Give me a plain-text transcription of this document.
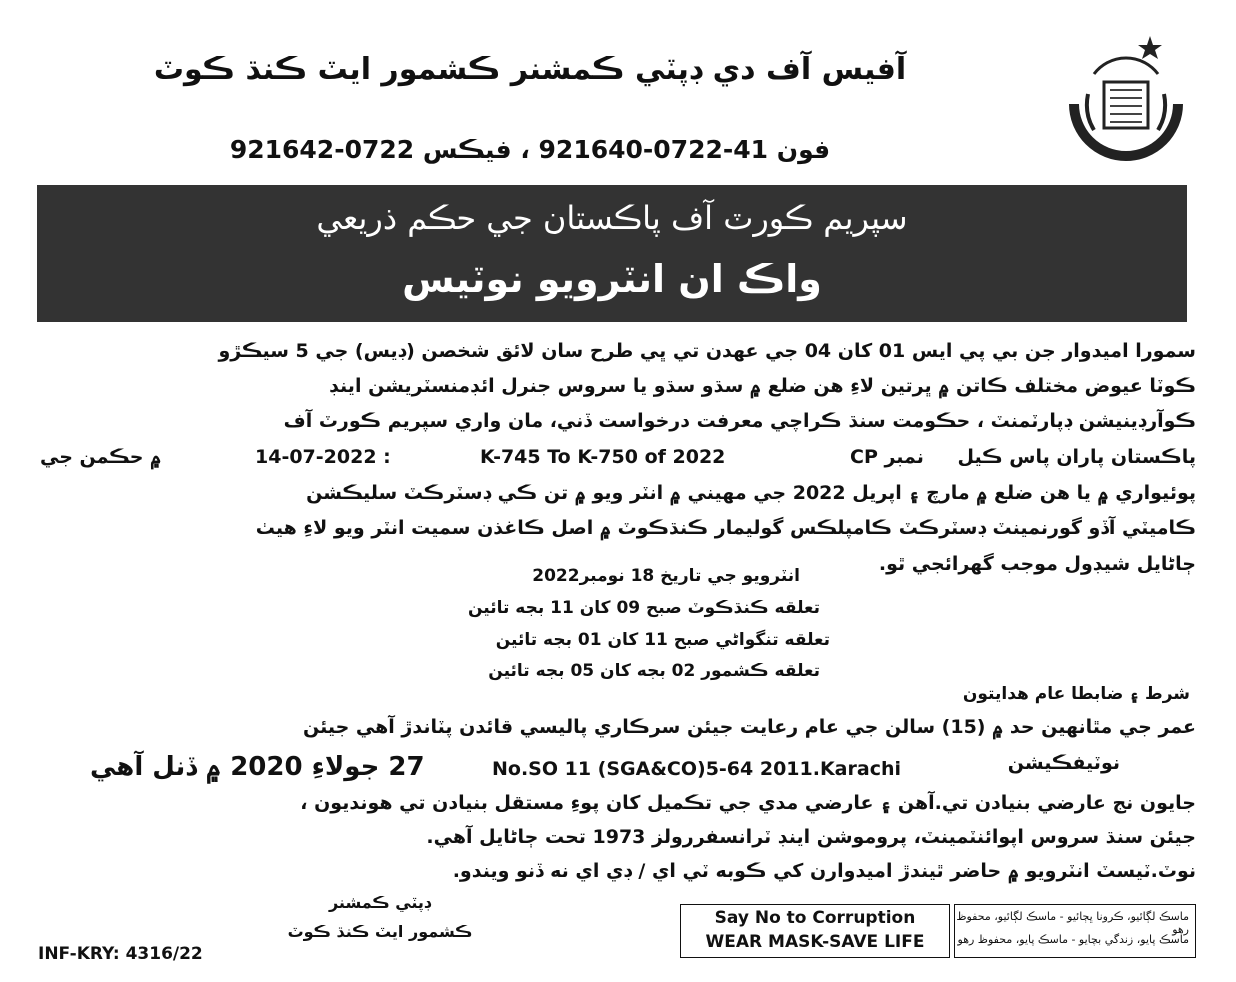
آفيس آف دي ڊپٽي ڪمشنر ڪشمور ايٽ ڪنڌ ڪوٽ
فون 41-0722-921640 ، فيڪس 0722-921642
سپريم ڪورٽ آف پاڪستان جي حڪم ذريعي
واڪ ان انٽرويو نوٽيس
سمورا اميدوار جن بي پي ايس 01 کان 04 جي عهدن تي ڀي طرح سان لائق شخصن (ڊيس) جي 5 سيڪڙو
ڪوٽا عيوض مختلف ڪاتن ۾ ڀرتين لاءِ هن ضلع ۾ سڌو سڌو يا سروس جنرل ائڊمنسٽريشن اينڊ
ڪوآرڊينيشن ڊپارٽمنٽ ، حڪومت سنڌ ڪراچي معرفت درخواست ڏني، مان واري سپريم ڪورٽ آف
پاڪستان پاران پاس ڪيل
CP نمبر
K-745 To K-750 of 2022
14-07-2022 :
۾ حڪمن جي
پوئيواري ۾ يا هن ضلع ۾ مارچ ۽ اپريل 2022 جي مهيني ۾ انٽر ويو ۾ تن ڪي ڊسٽرڪٽ سليڪشن
ڪاميٽي آڏو گورنمينٽ ڊسٽرڪٽ ڪامپلڪس گوليمار ڪنڌڪوٽ ۾ اصل ڪاغذن سميت انٽر ويو لاءِ هيٺ
ڄاڻايل شيڊول موجب گهرائجي ٿو.
انٽرويو جي تاريخ 18 نومبر2022
تعلقه ڪنڌڪوٽ صبح 09 کان 11 بجه تائين
تعلقه تنگواڻي صبح 11 کان 01 بجه تائين
تعلقه ڪشمور 02 بجه کان 05 بجه تائين
شرط ۽ ضابطا عام هدايتون
عمر جي مٿانهين حد ۾ (15) سالن جي عام رعايت جيئن سرڪاري پاليسي قائدن پٽاندڙ آهي جيئن
نوٽيفڪيشن
No.SO 11 (SGA&CO)5-64 2011.Karachi
27 جولاءِ 2020 ۾ ڏنل آهي
جايون نج عارضي بنيادن تي.آهن ۽ عارضي مدي جي تڪميل کان پوءِ مستقل بنيادن تي هونديون ،
جيئن سنڌ سروس اپوائنٽمينٽ، پروموشن اينڊ ٽرانسفررولز 1973 تحت ڄاڻايل آهي.
نوٽ.ٽيسٽ انٽرويو ۾ حاضر ٿيندڙ اميدوارن کي ڪوبه ٽي اي / ڊي اي نه ڏنو ويندو.
ڊپٽي ڪمشنر
ڪشمور ايٽ ڪنڌ ڪوٽ
Say No to Corruption
WEAR MASK-SAVE LIFE
ماسڪ لڳائيو، ڪرونا ڀڄائيو - ماسڪ لڳائيو، محفوظ رهو
ماسڪ پايو، زندگي بچايو - ماسڪ پايو، محفوظ رهو
INF-KRY: 4316/22
